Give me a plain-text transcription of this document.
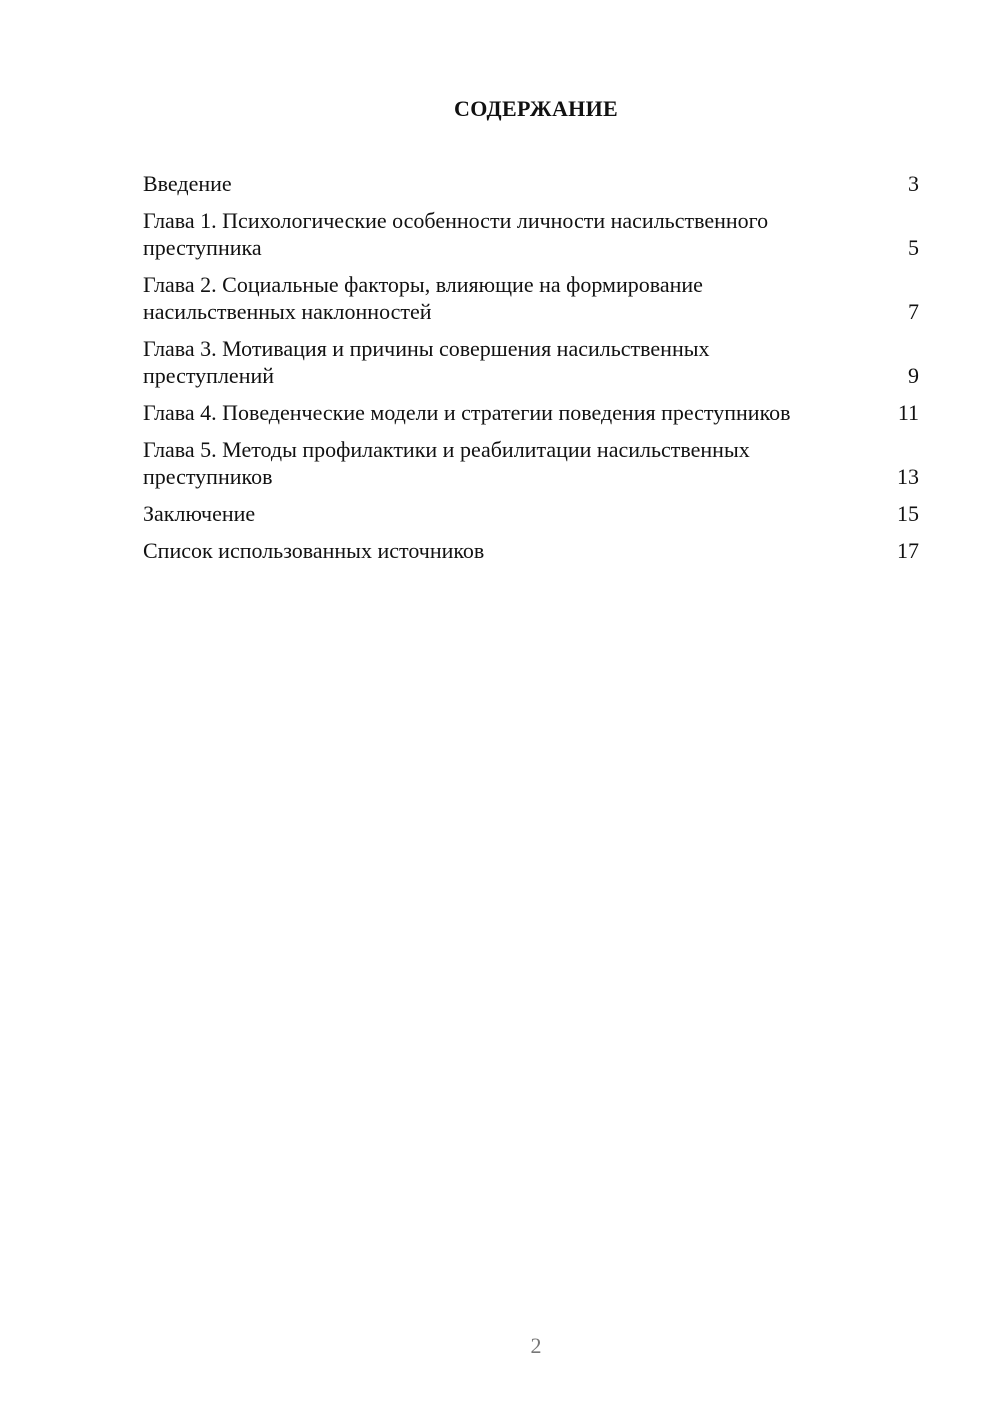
СОДЕРЖАНИЕ
Введение	3
Глава 1. Психологические особенности личности насильственного преступника	5
Глава 2. Социальные факторы, влияющие на формирование насильственных наклонностей	7
Глава 3. Мотивация и причины совершения насильственных преступлений	9
Глава 4. Поведенческие модели и стратегии поведения преступников	11
Глава 5. Методы профилактики и реабилитации насильственных преступников	13
Заключение	15
Список использованных источников	17
2
